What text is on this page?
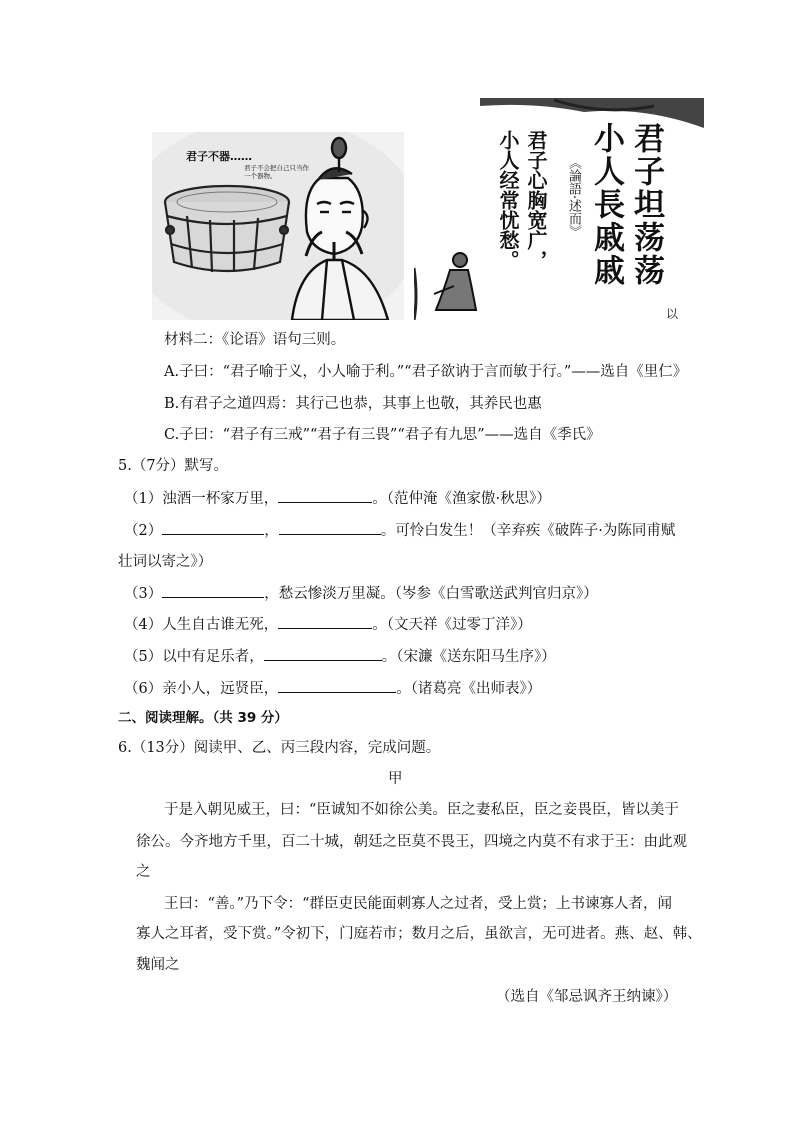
君子不器……
君子不会把自己只当作一个器物。
以
君子坦荡荡
小人長戚戚
《論語·述而》
君子心胸宽广，
小人经常忧愁。
材料二：《论语》语句三则。
A.子曰：“君子喻于义，小人喻于利。”“君子欲讷于言而敏于行。”——选自《里仁》
B.有君子之道四焉：其行己也恭，其事上也敬，其养民也惠
C.子曰：“君子有三戒”“君子有三畏”“君子有九思”——选自《季氏》
5.（7分）默写。
（1）浊酒一杯家万里，	。（范仲淹《渔家傲·秋思》）
（2）	，	。可怜白发生！（辛弃疾《破阵子·为陈同甫赋
壮词以寄之》）
（3）	，愁云惨淡万里凝。（岑参《白雪歌送武判官归京》）
（4）人生自古谁无死，	。（文天祥《过零丁洋》）
（5）以中有足乐者，	。（宋濂《送东阳马生序》）
（6）亲小人，远贤臣，	。（诸葛亮《出师表》）
二、阅读理解。（共 39 分）
6.（13分）阅读甲、乙、丙三段内容，完成问题。
甲
于是入朝见威王，曰：“臣诚知不如徐公美。臣之妻私臣，臣之妾畏臣，皆以美于
徐公。今齐地方千里，百二十城，朝廷之臣莫不畏王，四境之内莫不有求于王：由此观
之
王曰：“善。”乃下令：“群臣吏民能面刺寡人之过者，受上赏；上书谏寡人者，闻
寡人之耳者，受下赏。”令初下，门庭若市；数月之后，虽欲言，无可进者。燕、赵、韩、
魏闻之
（选自《邹忌讽齐王纳谏》）
